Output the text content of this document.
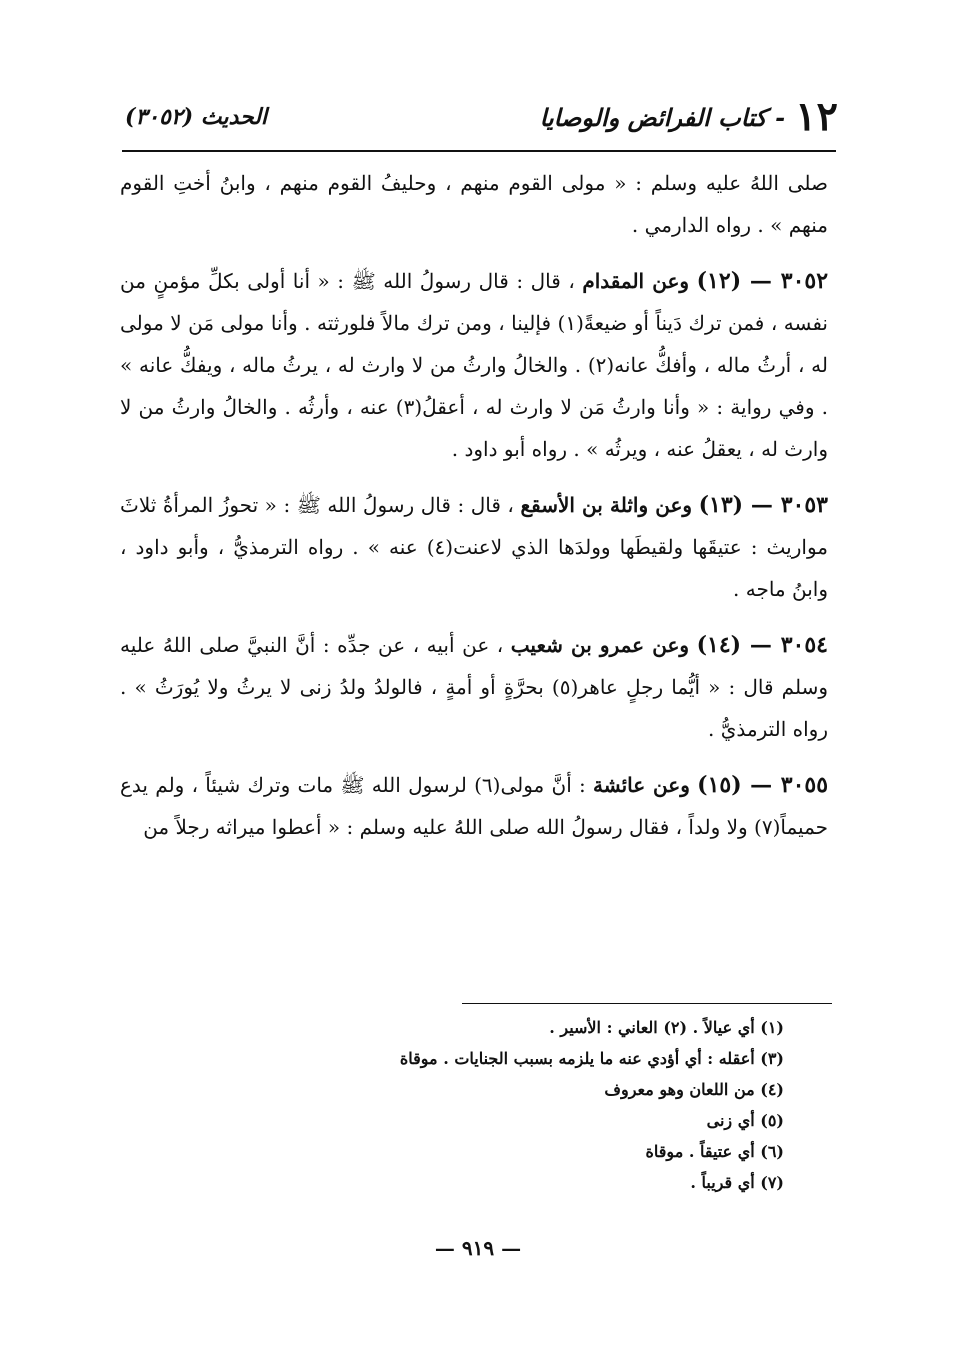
١٢
- كتاب الفرائض والوصايا
الحديث (٣٠٥٢)

صلى اللهُ عليه وسلم : « مولى القوم منهم ، وحليفُ القوم منهم ، وابنُ أختِ القوم منهم » . رواه الدارمي .

٣٠٥٢ — (١٢) وعن المقدام ، قال : قال رسولُ الله ﷺ : « أنا أولى بكلِّ مؤمنٍ من نفسه ، فمن ترك دَيناً أو ضيعةً(١) فإلينا ، ومن ترك مالاً فلورثته . وأنا مولى مَن لا مولى له ، أرثُ ماله ، وأفكُّ عانه(٢) . والخالُ وارثُ من لا وارث له ، يرثُ ماله ، ويفكُّ عانه » . وفي رواية : « وأنا وارثُ مَن لا وارث له ، أعقلُ(٣) عنه ، وأرثُه . والخالُ وارثُ من لا وارث له ، يعقلُ عنه ، ويرثُه » . رواه أبو داود .

٣٠٥٣ — (١٣) وعن واثلة بن الأسقع ، قال : قال رسولُ الله ﷺ : « تحوزُ المرأةُ ثلاثَ مواريث : عتيقَها ولقيطَها وولدَها الذي لاعنت(٤) عنه » . رواه الترمذيُّ ، وأبو داود ، وابنُ ماجه .

٣٠٥٤ — (١٤) وعن عمرو بن شعيب ، عن أبيه ، عن جدِّه : أنَّ النبيَّ صلى اللهُ عليه وسلم قال : « أيُّما رجلٍ عاهر(٥) بحرَّةٍ أو أمةٍ ، فالولدُ ولدُ زنى لا يرثُ ولا يُورَثُ » . رواه الترمذيُّ .

٣٠٥٥ — (١٥) وعن عائشة : أنَّ مولى(٦) لرسول الله ﷺ مات وترك شيئاً ، ولم يدع حميماً(٧) ولا ولداً ، فقال رسولُ الله صلى اللهُ عليه وسلم : « أعطوا ميراثه رجلاً من

(١) أي عيالاً . (٢) العاني : الأسير .
(٣) أعقله : أي أؤدي عنه ما يلزمه بسبب الجنايات . موقاة
(٤) من اللعان وهو معروف
(٥) أي زنى
(٦) أي عتيقاً . موقاة
(٧) أي قريباً .
— ٩١٩ —
